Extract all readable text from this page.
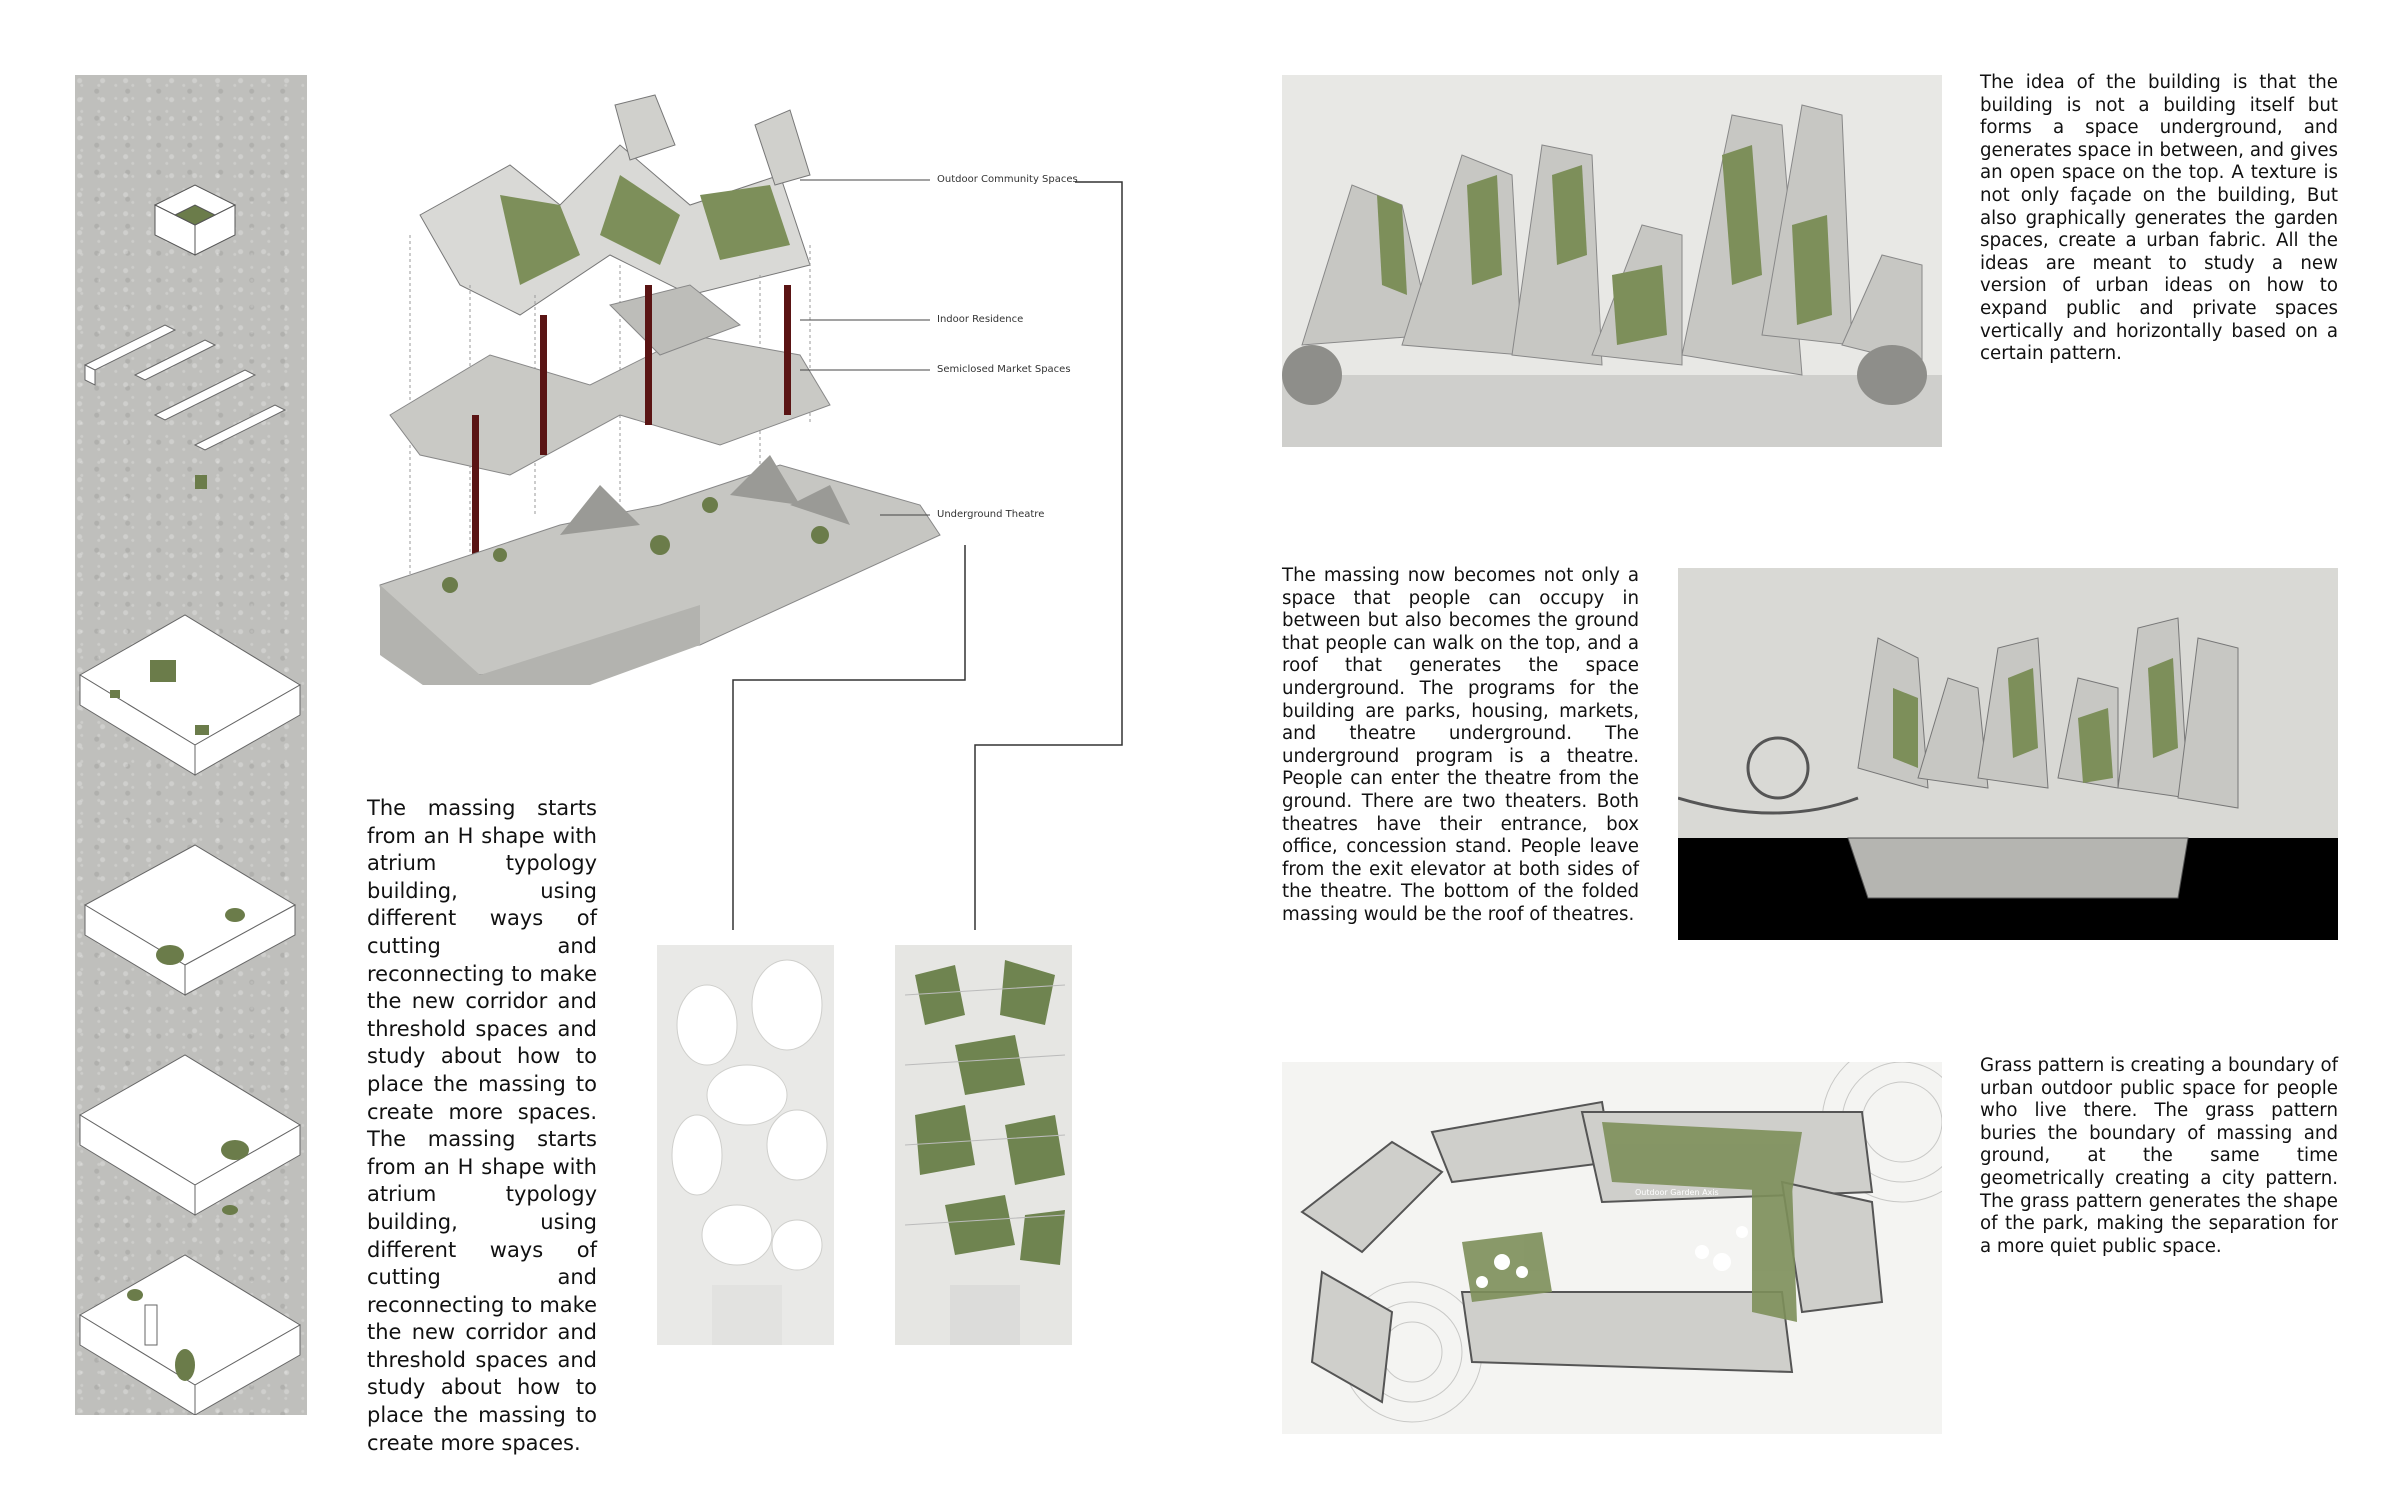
Outdoor Community Spaces
Indoor Residence
Semiclosed Market Spaces
Underground Theatre
The massing starts from an H shape with atrium typology building, using different ways of cutting and reconnecting to make the new corridor and threshold spaces and study about how to place the massing to create more spaces. The massing starts from an H shape with atrium typology building, using different ways of cutting and reconnecting to make the new corridor and threshold spaces and study about how to place the massing to create more spaces.
The idea of the building is that the building is not a building itself but forms a space underground, and generates space in between, and gives an open space on the top. A texture is not only façade on the building, But also graphically generates the garden spaces, create a urban fabric. All the ideas are meant to study a new version of urban ideas on how to expand public and private spaces vertically and horizontally based on a certain pattern.
The massing now becomes not only a space that people can occupy in between but also becomes the ground that people can walk on the top, and a roof that generates the space underground. The programs for the building are parks, housing, markets, and theatre underground. The underground program is a theatre. People can enter the theatre from the ground. There are two theaters. Both theatres have their entrance, box office, concession stand. People leave from the exit elevator at both sides of the theatre. The bottom of the folded massing would be the roof of theatres.
Outdoor Garden Axis
Grass pattern is creating a boundary of urban outdoor public space for people who live there. The grass pattern buries the boundary of massing and ground, at the same time geometrically creating a city pattern. The grass pattern generates the shape of the park, making the separation for a more quiet public space.
